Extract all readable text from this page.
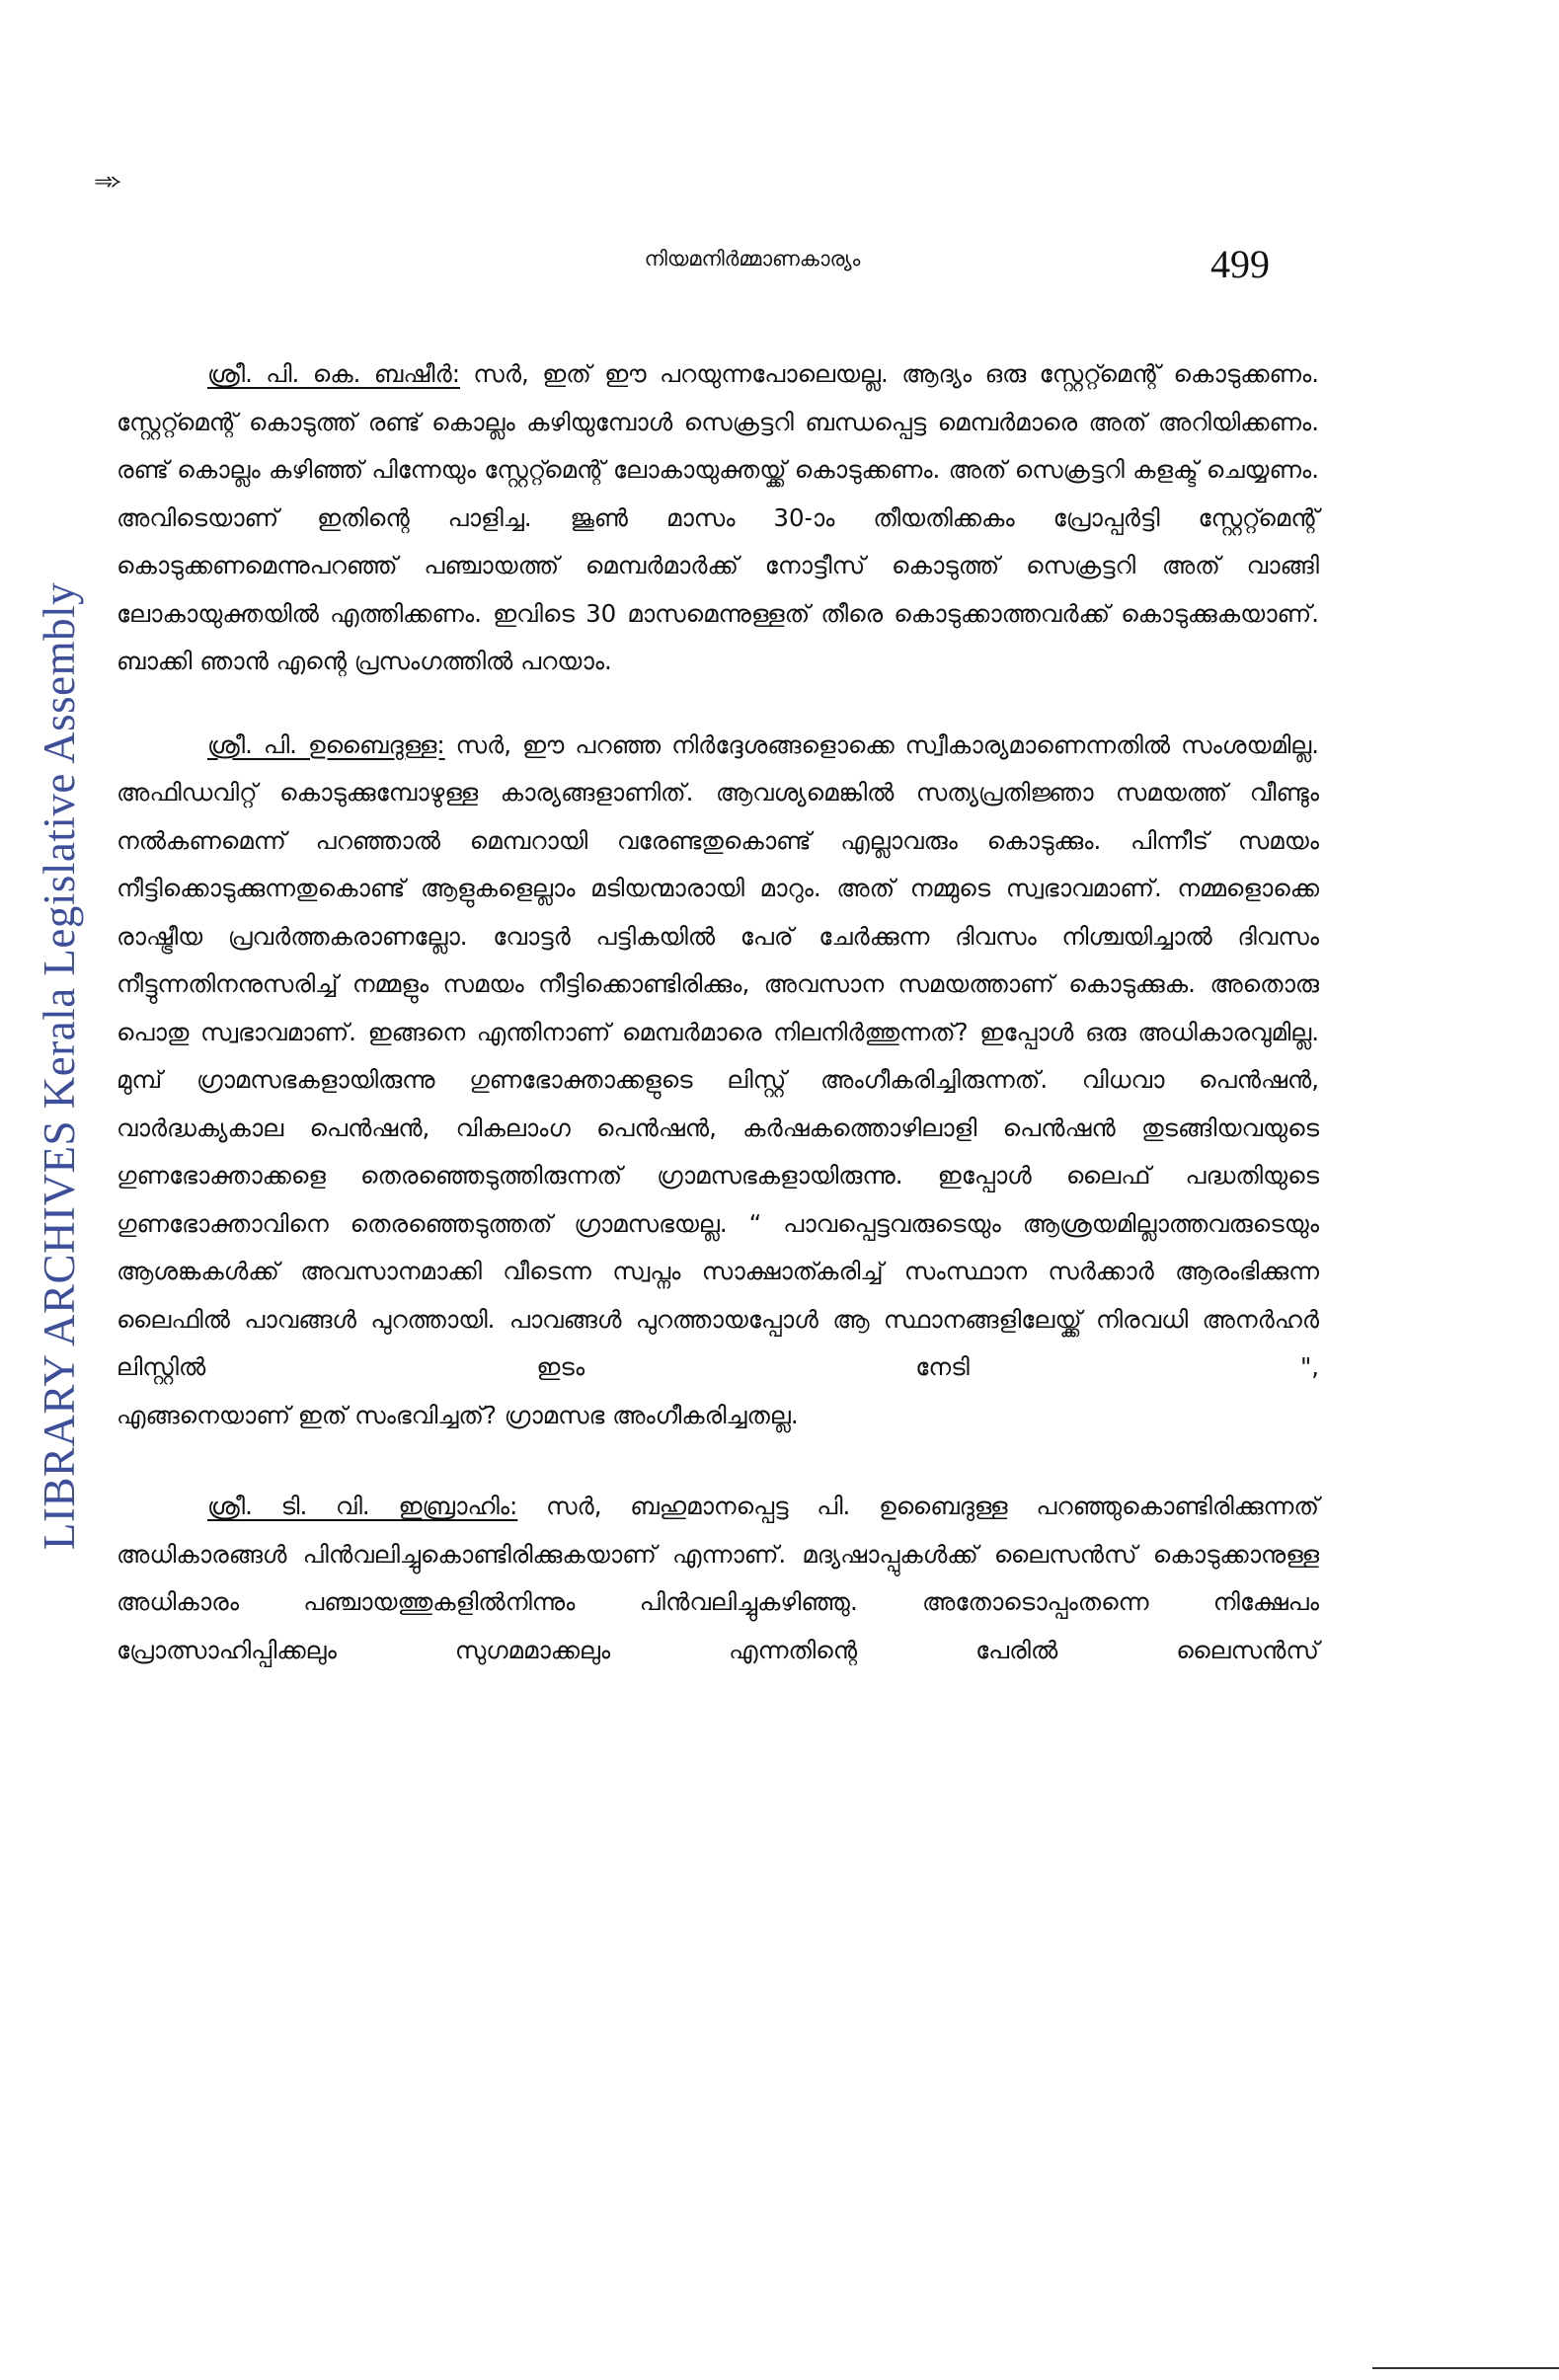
LIBRARY ARCHIVES Kerala Legislative Assembly
➾
നിയമനിർമ്മാണകാര്യം	499

ശ്രീ. പി. കെ. ബഷീർ: സർ, ഇത് ഈ പറയുന്നപോലെയല്ല. ആദ്യം ഒരു സ്റ്റേറ്റ്മെന്റ് കൊടുക്കണം. സ്റ്റേറ്റ്മെന്റ് കൊടുത്ത് രണ്ട് കൊല്ലം കഴിയുമ്പോൾ സെക്രട്ടറി ബന്ധപ്പെട്ട മെമ്പർമാരെ അത് അറിയിക്കണം. രണ്ട് കൊല്ലം കഴിഞ്ഞ് പിന്നേയും സ്റ്റേറ്റ്മെന്റ് ലോകായുക്തയ്ക്ക് കൊടുക്കണം. അത് സെക്രട്ടറി കളക്ട് ചെയ്യണം. അവിടെയാണ് ഇതിന്റെ പാളിച്ച. ജൂൺ മാസം 30-ാം തീയതിക്കകം പ്രോപ്പർട്ടി സ്റ്റേറ്റ്മെന്റ് കൊടുക്കണമെന്നുപറഞ്ഞ് പഞ്ചായത്ത് മെമ്പർമാർക്ക് നോട്ടീസ് കൊടുത്ത് സെക്രട്ടറി അത് വാങ്ങി ലോകായുക്തയിൽ എത്തിക്കണം. ഇവിടെ 30 മാസമെന്നുള്ളത് തീരെ കൊടുക്കാത്തവർക്ക് കൊടുക്കുകയാണ്.
ബാക്കി ഞാൻ എന്റെ പ്രസംഗത്തിൽ പറയാം.

ശ്രീ. പി. ഉബൈദുള്ള: സർ, ഈ പറഞ്ഞ നിർദ്ദേശങ്ങളൊക്കെ സ്വീകാര്യമാണെന്നതിൽ സംശയമില്ല. അഫിഡവിറ്റ് കൊടുക്കുമ്പോഴുള്ള കാര്യങ്ങളാണിത്. ആവശ്യമെങ്കിൽ സത്യപ്രതിജ്ഞാ സമയത്ത് വീണ്ടും നൽകണമെന്ന് പറഞ്ഞാൽ മെമ്പറായി വരേണ്ടതുകൊണ്ട് എല്ലാവരും കൊടുക്കും. പിന്നീട് സമയം നീട്ടിക്കൊടുക്കുന്നതുകൊണ്ട് ആളുകളെല്ലാം മടിയന്മാരായി മാറും. അത് നമ്മുടെ സ്വഭാവമാണ്. നമ്മളൊക്കെ രാഷ്ട്രീയ പ്രവർത്തകരാണല്ലോ. വോട്ടർ പട്ടികയിൽ പേര് ചേർക്കുന്ന ദിവസം നിശ്ചയിച്ചാൽ ദിവസം നീട്ടുന്നതിനനുസരിച്ച് നമ്മളും സമയം നീട്ടിക്കൊണ്ടിരിക്കും, അവസാന സമയത്താണ് കൊടുക്കുക. അതൊരു പൊതു സ്വഭാവമാണ്. ഇങ്ങനെ എന്തിനാണ് മെമ്പർമാരെ നിലനിർത്തുന്നത്? ഇപ്പോൾ ഒരു അധികാരവുമില്ല. മുമ്പ് ഗ്രാമസഭകളായിരുന്നു ഗുണഭോക്താക്കളുടെ ലിസ്റ്റ് അംഗീകരിച്ചിരുന്നത്. വിധവാ പെൻഷൻ, വാർദ്ധക്യകാല പെൻഷൻ, വികലാംഗ പെൻഷൻ, കർഷകത്തൊഴിലാളി പെൻഷൻ തുടങ്ങിയവയുടെ ഗുണഭോക്താക്കളെ തെരഞ്ഞെടുത്തിരുന്നത് ഗ്രാമസഭകളായിരുന്നു. ഇപ്പോൾ ലൈഫ് പദ്ധതിയുടെ ഗുണഭോക്താവിനെ തെരഞ്ഞെടുത്തത് ഗ്രാമസഭയല്ല. “ പാവപ്പെട്ടവരുടെയും ആശ്രയമില്ലാത്തവരുടെയും ആശങ്കകൾക്ക് അവസാനമാക്കി വീടെന്ന സ്വപ്നം സാക്ഷാത്കരിച്ച് സംസ്ഥാന സർക്കാർ ആരംഭിക്കുന്ന ലൈഫിൽ പാവങ്ങൾ പുറത്തായി. പാവങ്ങൾ പുറത്തായപ്പോൾ ആ സ്ഥാനങ്ങളിലേയ്ക്ക് നിരവധി അനർഹർ ലിസ്റ്റിൽ ഇടം നേടി ",
എങ്ങനെയാണ് ഇത് സംഭവിച്ചത്? ഗ്രാമസഭ അംഗീകരിച്ചതല്ല.

ശ്രീ. ടി. വി. ഇബ്രാഹിം: സർ, ബഹുമാനപ്പെട്ട പി. ഉബൈദുള്ള പറഞ്ഞുകൊണ്ടിരിക്കുന്നത് അധികാരങ്ങൾ പിൻവലിച്ചുകൊണ്ടിരിക്കുകയാണ് എന്നാണ്. മദ്യഷാപ്പുകൾക്ക് ലൈസൻസ് കൊടുക്കാനുള്ള അധികാരം പഞ്ചായത്തുകളിൽനിന്നും പിൻവലിച്ചുകഴിഞ്ഞു. അതോടൊപ്പംതന്നെ നിക്ഷേപം പ്രോത്സാഹിപ്പിക്കലും സുഗമമാക്കലും എന്നതിന്റെ പേരിൽ ലൈസൻസ്
